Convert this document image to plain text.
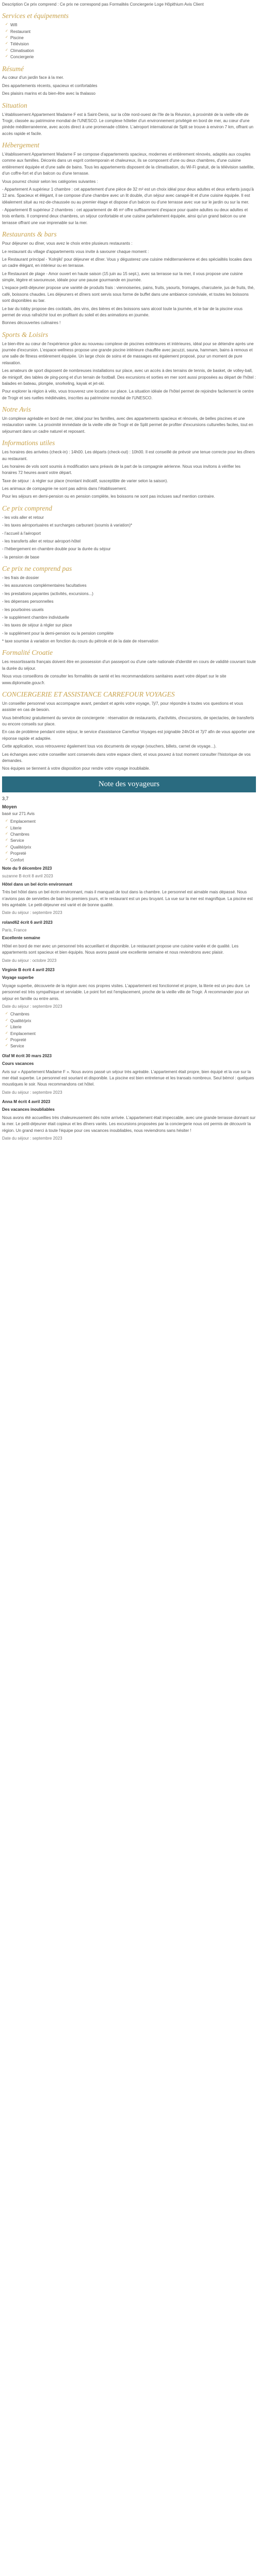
Description Ce prix comprend : Ce prix ne correspond pas Formalités Conciergerie Loge Hôpithium Avis Client

Services et équipements
✓ Wifi
✓ Restaurant
✓ Piscine
✓ Télévision
✓ Climatisation
✓ Conciergerie
Résumé

Au cœur d'un jardin face à la mer.

Des appartements récents, spacieux et confortables

Des plaisirs marins et du bien-être avec la thalasso

Situation

L'établissement Appartement Madame F est à Saint-Denis, sur la côte nord-ouest de l'Ile de la Réunion, à proximité de la vieille ville de Trogir, classée au patrimoine mondial de l'UNESCO. Le complexe hôtelier d'un environnement privilégié en bord de mer, au cœur d'une pinède méditerranéenne, avec accès direct à une promenade côtière. L'aéroport international de Split se trouve à environ 7 km, offrant un accès rapide et facile.

Hébergement

L'établissement Appartement Madame F se compose d'appartements spacieux, modernes et entièrement rénovés, adaptés aux couples comme aux familles. Décorés dans un esprit contemporain et chaleureux, ils se composent d'une ou deux chambres, d'une cuisine entièrement équipée et d'une salle de bains. Tous les appartements disposent de la climatisation, du Wi-Fi gratuit, de la télévision satellite, d'un coffre-fort et d'un balcon ou d'une terrasse.

Vous pourrez choisir selon les catégories suivantes :

- Appartement A supérieur 1 chambre : cet appartement d'une pièce de 32 m² est un choix idéal pour deux adultes et deux enfants jusqu'à 12 ans. Spacieux et élégant, il se compose d'une chambre avec un lit double, d'un séjour avec canapé-lit et d'une cuisine équipée. Il est idéalement situé au rez-de-chaussée ou au premier étage et dispose d'un balcon ou d'une terrasse avec vue sur le jardin ou sur la mer.

- Appartement B supérieur 2 chambres : cet appartement de 46 m² offre suffisamment d'espace pour quatre adultes ou deux adultes et trois enfants. Il comprend deux chambres, un séjour confortable et une cuisine parfaitement équipée, ainsi qu'un grand balcon ou une terrasse offrant une vue imprenable sur la mer.

Restaurants & bars

Pour déjeuner ou dîner, vous avez le choix entre plusieurs restaurants :

Le restaurant du village d'appartements vous invite à savourer chaque moment :

Le Restaurant principal - 'Kolnjiki' pour déjeuner et dîner. Vous y dégusterez une cuisine méditerranéenne et des spécialités locales dans un cadre élégant, en intérieur ou en terrasse.

Le Restaurant de plage - Amor ouvert en haute saison (15 juin au 15 sept.), avec sa terrasse sur la mer, il vous propose une cuisine simple, légère et savoureuse, idéale pour une pause gourmande en journée.

L'espace petit-déjeuner propose une variété de produits frais : viennoiseries, pains, fruits, yaourts, fromages, charcuterie, jus de fruits, thé, café, boissons chaudes. Les déjeuners et dîners sont servis sous forme de buffet dans une ambiance conviviale, et toutes les boissons sont disponibles au bar.

Le bar du lobby propose des cocktails, des vins, des bières et des boissons sans alcool toute la journée, et le bar de la piscine vous permet de vous rafraîchir tout en profitant du soleil et des animations en journée.

Bonnes découvertes culinaires !

Sports & Loisirs

Le bien-être au cœur de l'expérience grâce au nouveau complexe de piscines extérieures et intérieures, idéal pour se détendre après une journée d'excursion. L'espace wellness propose une grande piscine intérieure chauffée avec jacuzzi, sauna, hammam, bains à remous et une salle de fitness entièrement équipée. Un large choix de soins et de massages est également proposé, pour un moment de pure relaxation.

Les amateurs de sport disposent de nombreuses installations sur place, avec un accès à des terrains de tennis, de basket, de volley-ball, de minigolf, des tables de ping-pong et d'un terrain de football. Des excursions et sorties en mer sont aussi proposées au départ de l'hôtel : balades en bateau, plongée, snorkeling, kayak et jet-ski.

Pour explorer la région à vélo, vous trouverez une location sur place. La situation idéale de l'hôtel permet de rejoindre facilement le centre de Trogir et ses ruelles médiévales, inscrites au patrimoine mondial de l'UNESCO.

Notre Avis

Un complexe agréable en bord de mer, idéal pour les familles, avec des appartements spacieux et rénovés, de belles piscines et une restauration variée. La proximité immédiate de la vieille ville de Trogir et de Split permet de profiter d'excursions culturelles faciles, tout en séjournant dans un cadre naturel et reposant.

Informations utiles

Les horaires des arrivées (check-in) : 14h00. Les départs (check-out) : 10h00. Il est conseillé de prévoir une tenue correcte pour les dîners au restaurant.

Les horaires de vols sont soumis à modification sans préavis de la part de la compagnie aérienne. Nous vous invitons à vérifier les horaires 72 heures avant votre départ.

Taxe de séjour : à régler sur place (montant indicatif, susceptible de varier selon la saison).

Les animaux de compagnie ne sont pas admis dans l'établissement.

Pour les séjours en demi-pension ou en pension complète, les boissons ne sont pas incluses sauf mention contraire.

Ce prix comprend

- les vols aller et retour

- les taxes aéroportuaires et surcharges carburant (soumis à variation)*

- l'accueil à l'aéroport

- les transferts aller et retour aéroport-hôtel

- l'hébergement en chambre double pour la durée du séjour

- la pension de base

Ce prix ne comprend pas

- les frais de dossier

- les assurances complémentaires facultatives

- les prestations payantes (activités, excursions...)

- les dépenses personnelles

- les pourboires usuels

- le supplément chambre individuelle

- les taxes de séjour à régler sur place

- le supplément pour la demi-pension ou la pension complète

* taxe soumise à variation en fonction du cours du pétrole et de la date de réservation

Formalité Croatie

Les ressortissants français doivent être en possession d'un passeport ou d'une carte nationale d'identité en cours de validité couvrant toute la durée du séjour.

Nous vous conseillons de consulter les formalités de santé et les recommandations sanitaires avant votre départ sur le site www.diplomatie.gouv.fr.

CONCIERGERIE ET ASSISTANCE CARREFOUR VOYAGES

Un conseiller personnel vous accompagne avant, pendant et après votre voyage, 7j/7, pour répondre à toutes vos questions et vous assister en cas de besoin.

Vous bénéficiez gratuitement du service de conciergerie : réservation de restaurants, d'activités, d'excursions, de spectacles, de transferts ou encore conseils sur place.

En cas de problème pendant votre séjour, le service d'assistance Carrefour Voyages est joignable 24h/24 et 7j/7 afin de vous apporter une réponse rapide et adaptée.

Cette application, vous retrouverez également tous vos documents de voyage (vouchers, billets, carnet de voyage...).

Les échanges avec votre conseiller sont conservés dans votre espace client, et vous pouvez à tout moment consulter l'historique de vos demandes.

Nos équipes se tiennent à votre disposition pour rendre votre voyage inoubliable.

Note des voyageurs

3,7

Moyen

basé sur 271 Avis

✓ Emplacement
✓ Literie
✓ Chambres
✓ Service
✓ Qualité/prix
✓ Propreté
✓ Confort

Note du 9 décembre 2023

suzanne B écrit 8 avril 2023

Hôtel dans un bel écrin environnant

Très bel hôtel dans un bel écrin environnant, mais il manquait de tout dans la chambre. Le personnel est aimable mais dépassé. Nous n'avions pas de serviettes de bain les premiers jours, et le restaurant est un peu bruyant. La vue sur la mer est magnifique. La piscine est très agréable. Le petit-déjeuner est varié et de bonne qualité.

Date du séjour : septembre 2023

roland62 écrit 6 avril 2023

Paris, France

Excellente semaine

Hôtel en bord de mer avec un personnel très accueillant et disponible. Le restaurant propose une cuisine variée et de qualité. Les appartements sont spacieux et bien équipés. Nous avons passé une excellente semaine et nous reviendrons avec plaisir.

Date du séjour : octobre 2023

Virginie B écrit 4 avril 2023

Voyage superbe

Voyage superbe, découverte de la région avec nos propres visites. L'appartement est fonctionnel et propre, la literie est un peu dure. Le personnel est très sympathique et serviable. Le point fort est l'emplacement, proche de la vieille ville de Trogir. À recommander pour un séjour en famille ou entre amis.

Date du séjour : septembre 2023

✓ Chambres
✓ Qualité/prix
✓ Literie
✓ Emplacement
✓ Propreté
✓ Service

Olaf M écrit 30 mars 2023

Cours vacances

Avis sur « Appartement Madame F ». Nous avons passé un séjour très agréable. L'appartement était propre, bien équipé et la vue sur la mer était superbe. Le personnel est souriant et disponible. La piscine est bien entretenue et les transats nombreux. Seul bémol : quelques moustiques le soir. Nous recommandons cet hôtel.

Date du séjour : septembre 2023

Anna M écrit 4 avril 2023

Des vacances inoubliables

Nous avons été accueillies très chaleureusement dès notre arrivée. L'appartement était impeccable, avec une grande terrasse donnant sur la mer. Le petit-déjeuner était copieux et les dîners variés. Les excursions proposées par la conciergerie nous ont permis de découvrir la région. Un grand merci à toute l'équipe pour ces vacances inoubliables, nous reviendrons sans hésiter !

Date du séjour : septembre 2023
